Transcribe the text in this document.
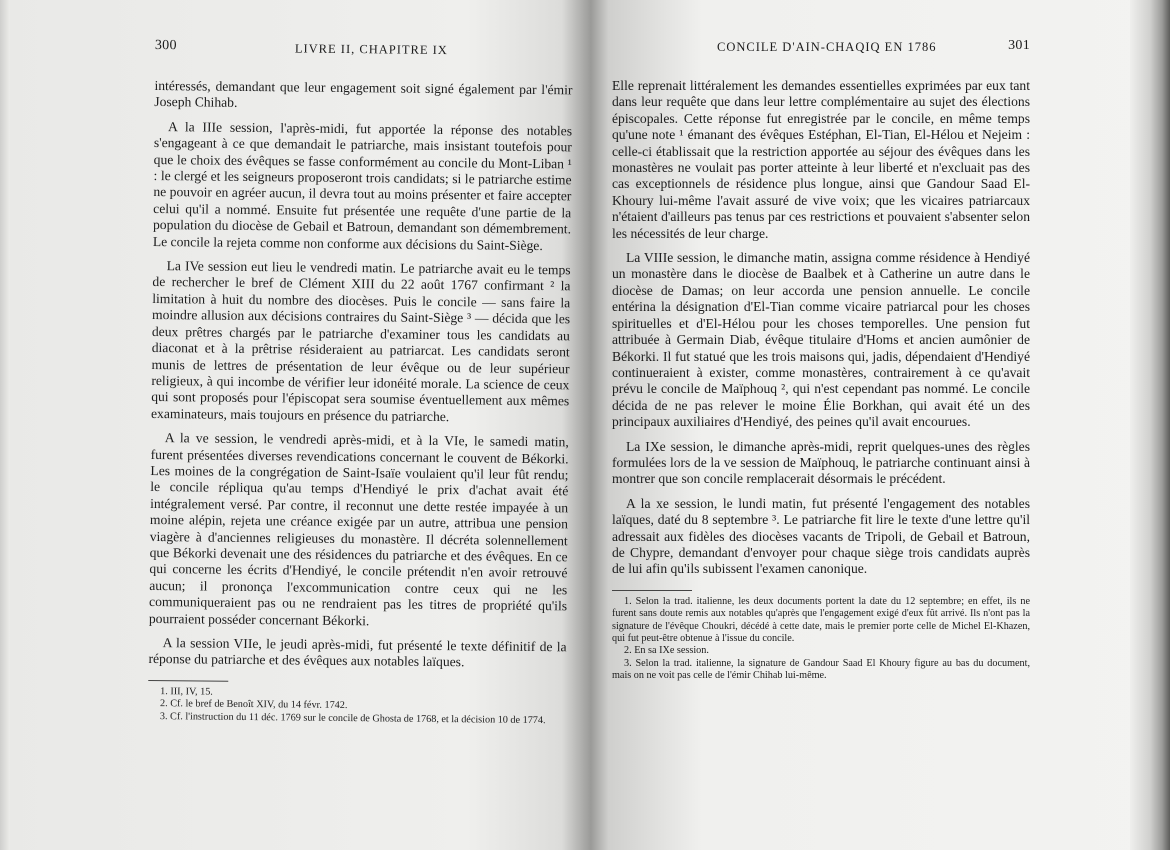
300	LIVRE II, CHAPITRE IX

intéressés, demandant que leur engagement soit signé également par l'émir Joseph Chihab.

A la IIIe session, l'après-midi, fut apportée la réponse des notables s'engageant à ce que demandait le patriarche, mais insistant toutefois pour que le choix des évêques se fasse conformément au concile du Mont-Liban ¹ : le clergé et les seigneurs proposeront trois candidats; si le patriarche estime ne pouvoir en agréer aucun, il devra tout au moins présenter et faire accepter celui qu'il a nommé. Ensuite fut présentée une requête d'une partie de la population du diocèse de Gebail et Batroun, demandant son démembrement. Le concile la rejeta comme non conforme aux décisions du Saint-Siège.

La IVe session eut lieu le vendredi matin. Le patriarche avait eu le temps de rechercher le bref de Clément XIII du 22 août 1767 confirmant ² la limitation à huit du nombre des diocèses. Puis le concile — sans faire la moindre allusion aux décisions contraires du Saint-Siège ³ — décida que les deux prêtres chargés par le patriarche d'examiner tous les candidats au diaconat et à la prêtrise résideraient au patriarcat. Les candidats seront munis de lettres de présentation de leur évêque ou de leur supérieur religieux, à qui incombe de vérifier leur idonéité morale. La science de ceux qui sont proposés pour l'épiscopat sera soumise éventuellement aux mêmes examinateurs, mais toujours en présence du patriarche.

A la ve session, le vendredi après-midi, et à la VIe, le samedi matin, furent présentées diverses revendications concernant le couvent de Békorki. Les moines de la congrégation de Saint-Isaïe voulaient qu'il leur fût rendu; le concile répliqua qu'au temps d'Hendiyé le prix d'achat avait été intégralement versé. Par contre, il reconnut une dette restée impayée à un moine alépin, rejeta une créance exigée par un autre, attribua une pension viagère à d'anciennes religieuses du monastère. Il décréta solennellement que Békorki devenait une des résidences du patriarche et des évêques. En ce qui concerne les écrits d'Hendiyé, le concile prétendit n'en avoir retrouvé aucun; il prononça l'excommunication contre ceux qui ne les communiqueraient pas ou ne rendraient pas les titres de propriété qu'ils pourraient posséder concernant Békorki.

A la session VIIe, le jeudi après-midi, fut présenté le texte définitif de la réponse du patriarche et des évêques aux notables laïques.

1. III, IV, 15.

2. Cf. le bref de Benoît XIV, du 14 févr. 1742.

3. Cf. l'instruction du 11 déc. 1769 sur le concile de Ghosta de 1768, et la décision 10 de 1774.

CONCILE D'AIN-CHAQIQ EN 1786	301

Elle reprenait littéralement les demandes essentielles exprimées par eux tant dans leur requête que dans leur lettre complémentaire au sujet des élections épiscopales. Cette réponse fut enregistrée par le concile, en même temps qu'une note ¹ émanant des évêques Estéphan, El-Tian, El-Hélou et Nejeim : celle-ci établissait que la restriction apportée au séjour des évêques dans les monastères ne voulait pas porter atteinte à leur liberté et n'excluait pas des cas exceptionnels de résidence plus longue, ainsi que Gandour Saad El-Khoury lui-même l'avait assuré de vive voix; que les vicaires patriarcaux n'étaient d'ailleurs pas tenus par ces restrictions et pouvaient s'absenter selon les nécessités de leur charge.

La VIIIe session, le dimanche matin, assigna comme résidence à Hendiyé un monastère dans le diocèse de Baalbek et à Catherine un autre dans le diocèse de Damas; on leur accorda une pension annuelle. Le concile entérina la désignation d'El-Tian comme vicaire patriarcal pour les choses spirituelles et d'El-Hélou pour les choses temporelles. Une pension fut attribuée à Germain Diab, évêque titulaire d'Homs et ancien aumônier de Békorki. Il fut statué que les trois maisons qui, jadis, dépendaient d'Hendiyé continueraient à exister, comme monastères, contrairement à ce qu'avait prévu le concile de Maïphouq ², qui n'est cependant pas nommé. Le concile décida de ne pas relever le moine Élie Borkhan, qui avait été un des principaux auxiliaires d'Hendiyé, des peines qu'il avait encourues.

La IXe session, le dimanche après-midi, reprit quelques-unes des règles formulées lors de la ve session de Maïphouq, le patriarche continuant ainsi à montrer que son concile remplacerait désormais le précédent.

A la xe session, le lundi matin, fut présenté l'engagement des notables laïques, daté du 8 septembre ³. Le patriarche fit lire le texte d'une lettre qu'il adressait aux fidèles des diocèses vacants de Tripoli, de Gebail et Batroun, de Chypre, demandant d'envoyer pour chaque siège trois candidats auprès de lui afin qu'ils subissent l'examen canonique.

1. Selon la trad. italienne, les deux documents portent la date du 12 septembre; en effet, ils ne furent sans doute remis aux notables qu'après que l'engagement exigé d'eux fût arrivé. Ils n'ont pas la signature de l'évêque Choukri, décédé à cette date, mais le premier porte celle de Michel El-Khazen, qui fut peut-être obtenue à l'issue du concile.

2. En sa IXe session.

3. Selon la trad. italienne, la signature de Gandour Saad El Khoury figure au bas du document, mais on ne voit pas celle de l'émir Chihab lui-même.
